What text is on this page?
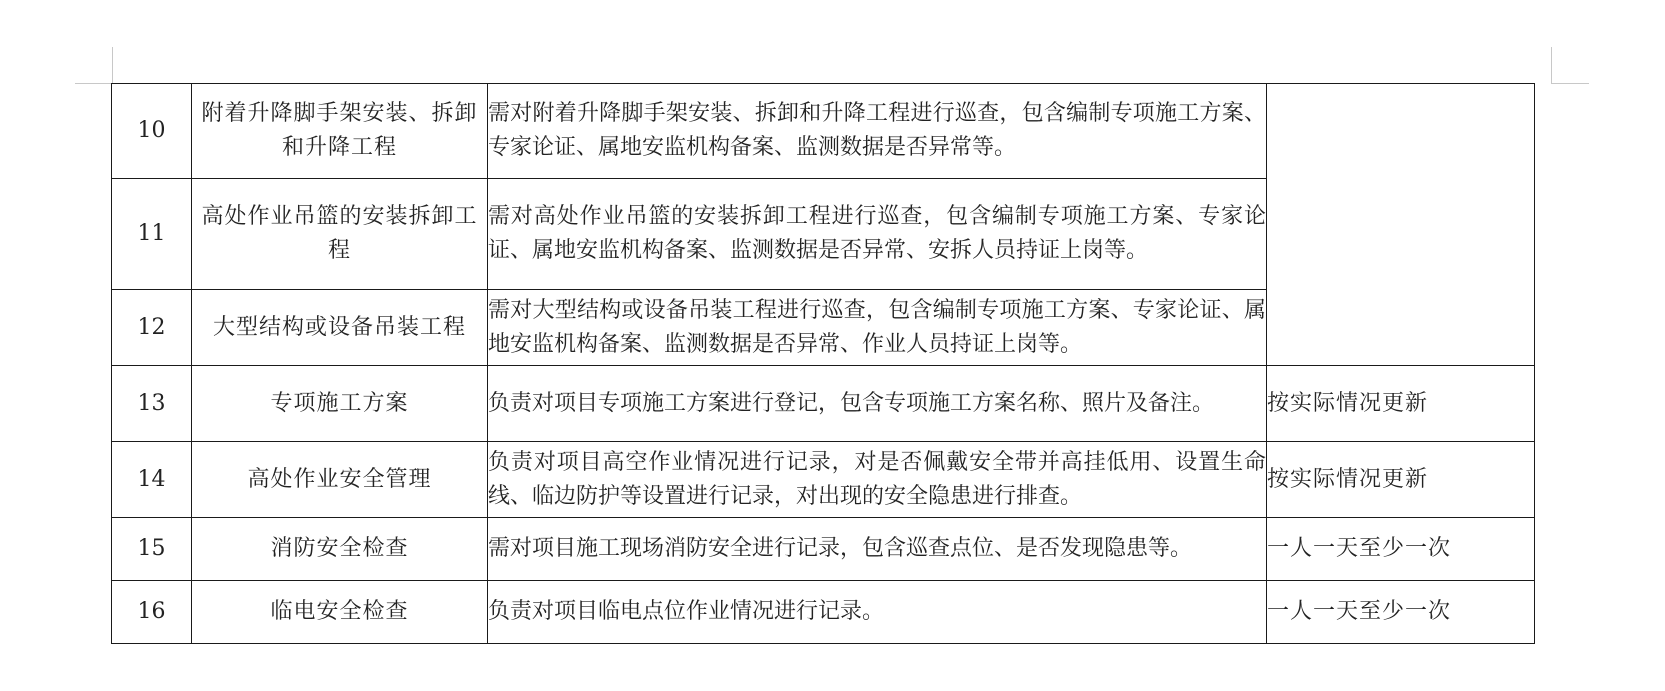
10	附着升降脚手架安装、拆卸和升降工程	需对附着升降脚手架安装、拆卸和升降工程进行巡查，包含编制专项施工方案、专家论证、属地安监机构备案、监测数据是否异常等。	
11	高处作业吊篮的安装拆卸工程	需对高处作业吊篮的安装拆卸工程进行巡查，包含编制专项施工方案、专家论证、属地安监机构备案、监测数据是否异常、安拆人员持证上岗等。	
12	大型结构或设备吊装工程	需对大型结构或设备吊装工程进行巡查，包含编制专项施工方案、专家论证、属地安监机构备案、监测数据是否异常、作业人员持证上岗等。	
13	专项施工方案	负责对项目专项施工方案进行登记，包含专项施工方案名称、照片及备注。	按实际情况更新
14	高处作业安全管理	负责对项目高空作业情况进行记录，对是否佩戴安全带并高挂低用、设置生命线、临边防护等设置进行记录，对出现的安全隐患进行排查。	按实际情况更新
15	消防安全检查	需对项目施工现场消防安全进行记录，包含巡查点位、是否发现隐患等。	一人一天至少一次
16	临电安全检查	负责对项目临电点位作业情况进行记录。	一人一天至少一次
